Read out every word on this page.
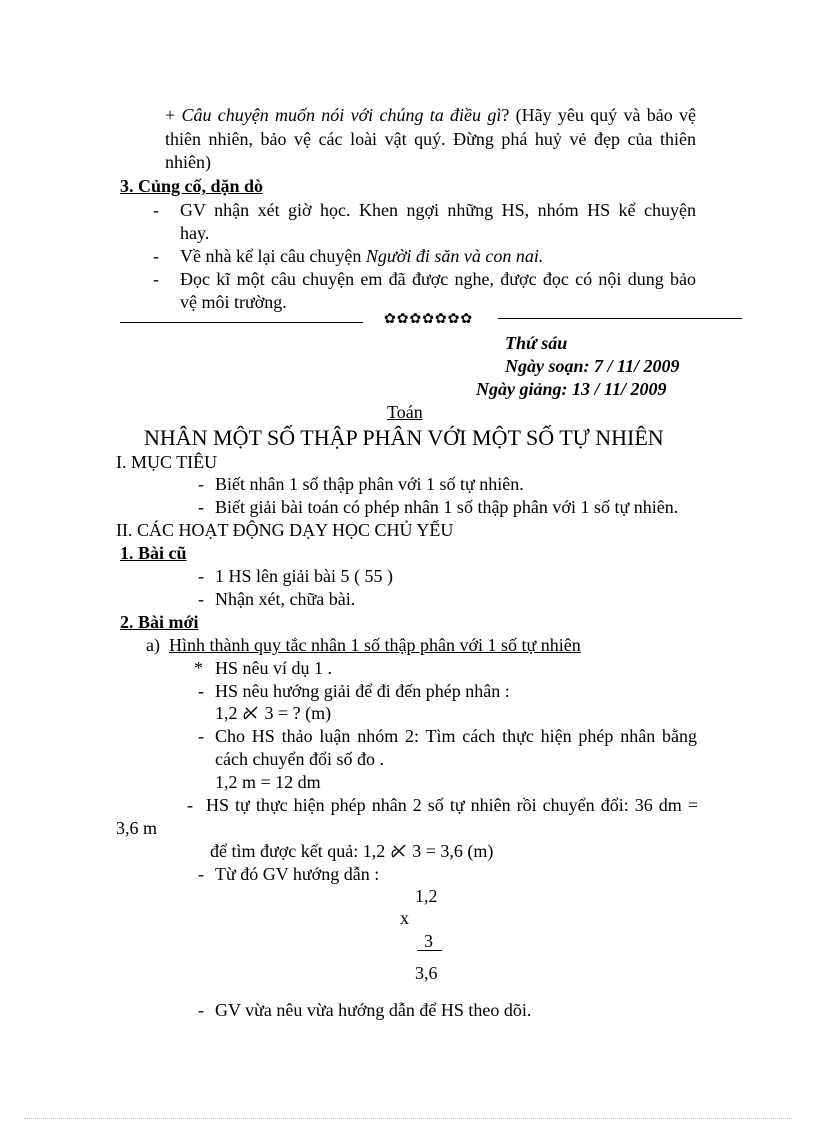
+ Câu chuyện muốn nói với chúng ta điều gì? (Hãy yêu quý và bảo vệ
thiên nhiên, bảo vệ các loài vật quý. Đừng phá huỷ vẻ đẹp của thiên
nhiên)
3. Củng cố, dặn dò
- GV nhận xét giờ học. Khen ngợi những HS, nhóm HS kể chuyện
hay.
- Về nhà kể lại câu chuyện Người đi săn và con nai.
- Đọc kĩ một câu chuyện em đã được nghe, được đọc có nội dung bảo
vệ môi trường.
✿✿✿✿✿✿✿
Thứ sáu
Ngày soạn: 7 / 11/ 2009
Ngày giảng: 13 / 11/ 2009
Toán
NHÂN MỘT SỐ THẬP PHÂN VỚI MỘT SỐ TỰ NHIÊN
I. MỤC TIÊU
- Biết nhân 1 số thập phân với 1 số tự nhiên.
- Biết giải bài toán có phép nhân 1 số thập phân với 1 số tự nhiên.
II. CÁC HOẠT ĐỘNG DẠY HỌC CHỦ YẾU
1. Bài cũ
- 1 HS lên giải bài 5 ( 55 )
- Nhận xét, chữa bài.
2. Bài mới
a) Hình thành quy tắc nhân 1 số thập phân với 1 số tự nhiên
* HS nêu ví dụ 1 .
- HS nêu hướng giải để đi đến phép nhân :
1,2 3 = ? (m)
- Cho HS thảo luận nhóm 2: Tìm cách thực hiện phép nhân bằng
cách chuyển đổi số đo .
1,2 m = 12 dm
- HS tự thực hiện phép nhân 2 số tự nhiên rồi chuyển đổi: 36 dm =
3,6 m
để tìm được kết quả: 1,2 3 = 3,6 (m)
- Từ đó GV hướng dẫn :
1,2
x
3
3,6
- GV vừa nêu vừa hướng dẫn để HS theo dõi.
